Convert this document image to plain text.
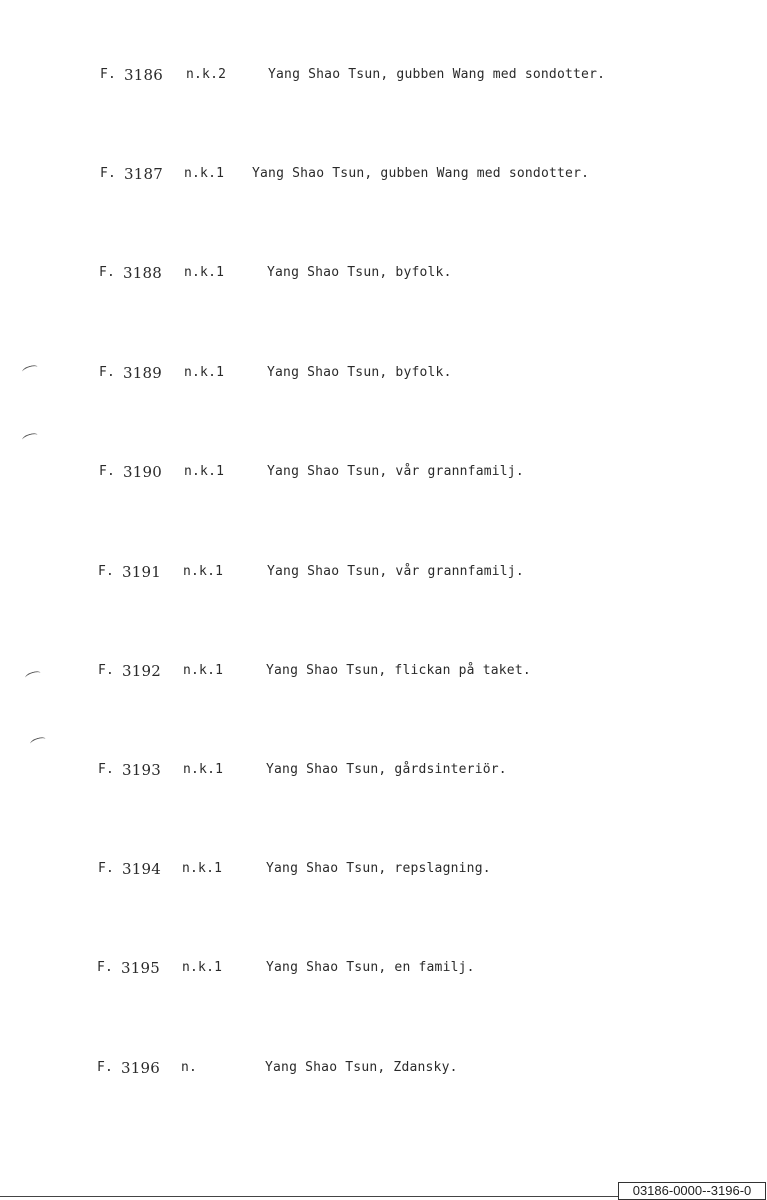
F. 3186 n.k.2	Yang Shao Tsun, gubben Wang med sondotter.
F. 3187 n.k.1 Yang Shao Tsun, gubben Wang med sondotter.
F. 3188 n.k.1	Yang Shao Tsun, byfolk.
F. 3189 n.k.1	Yang Shao Tsun, byfolk.
F. 3190 n.k.1	Yang Shao Tsun, vår grannfamilj.
F. 3191 n.k.1	Yang Shao Tsun, vår grannfamilj.
F. 3192 n.k.1	Yang Shao Tsun, flickan på taket.
F. 3193 n.k.1	Yang Shao Tsun, gårdsinteriör.
F. 3194 n.k.1	Yang Shao Tsun, repslagning.
F. 3195 n.k.1	Yang Shao Tsun, en familj.
F. 3196 n.	Yang Shao Tsun, Zdansky.
03186-0000--3196-0
